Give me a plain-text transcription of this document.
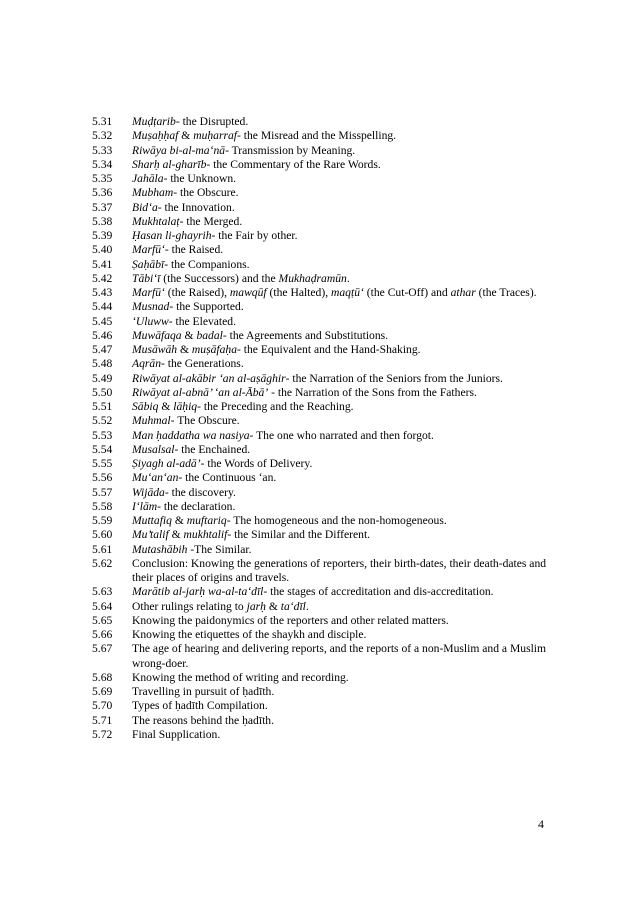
5.31	Muḍṭarib- the Disrupted.
5.32	Muṣaḥḥaf & muḥarraf- the Misread and the Misspelling.
5.33	Riwāya bi-al-ma‘nā- Transmission by Meaning.
5.34	Sharḥ al-gharīb- the Commentary of the Rare Words.
5.35	Jahāla- the Unknown.
5.36	Mubham- the Obscure.
5.37	Bid‘a- the Innovation.
5.38	Mukhtalaṭ- the Merged.
5.39	Ḥasan li-ghayrih- the Fair by other.
5.40	Marfū‘- the Raised.
5.41	Ṣaḥābī- the Companions.
5.42	Tābi‘ī (the Successors) and the Mukhaḍramūn.
5.43	Marfū‘ (the Raised), mawqūf (the Halted), maqṭū‘ (the Cut-Off) and athar (the Traces).
5.44	Musnad- the Supported.
5.45	‘Uluww- the Elevated.
5.46	Muwāfaqa & badal- the Agreements and Substitutions.
5.47	Musāwāh & muṣāfaḥa- the Equivalent and the Hand-Shaking.
5.48	Aqrān- the Generations.
5.49	Riwāyat al-akābir ‘an al-aṣāghir- the Narration of the Seniors from the Juniors.
5.50	Riwāyat al-abnā’ ‘an al-Ābā’ - the Narration of the Sons from the Fathers.
5.51	Sābiq & lāḥiq- the Preceding and the Reaching.
5.52	Muhmal- The Obscure.
5.53	Man ḥaddatha wa nasiya- The one who narrated and then forgot.
5.54	Musalsal- the Enchained.
5.55	Ṣiyagh al-adā’- the Words of Delivery.
5.56	Mu‘an‘an- the Continuous ‘an.
5.57	Wijāda- the discovery.
5.58	I‘lām- the declaration.
5.59	Muttafiq & muftariq- The homogeneous and the non-homogeneous.
5.60	Mu’talif & mukhtalif- the Similar and the Different.
5.61	Mutashābih -The Similar.
5.62	Conclusion: Knowing the generations of reporters, their birth-dates, their death-dates and their places of origins and travels.
5.63	Marātib al-jarḥ wa-al-ta‘dīl- the stages of accreditation and dis-accreditation.
5.64	Other rulings relating to jarḥ & ta‘dīl.
5.65	Knowing the paidonymics of the reporters and other related matters.
5.66	Knowing the etiquettes of the shaykh and disciple.
5.67	The age of hearing and delivering reports, and the reports of a non-Muslim and a Muslim wrong-doer.
5.68	Knowing the method of writing and recording.
5.69	Travelling in pursuit of ḥadīth.
5.70	Types of ḥadīth Compilation.
5.71	The reasons behind the ḥadīth.
5.72	Final Supplication.
4
